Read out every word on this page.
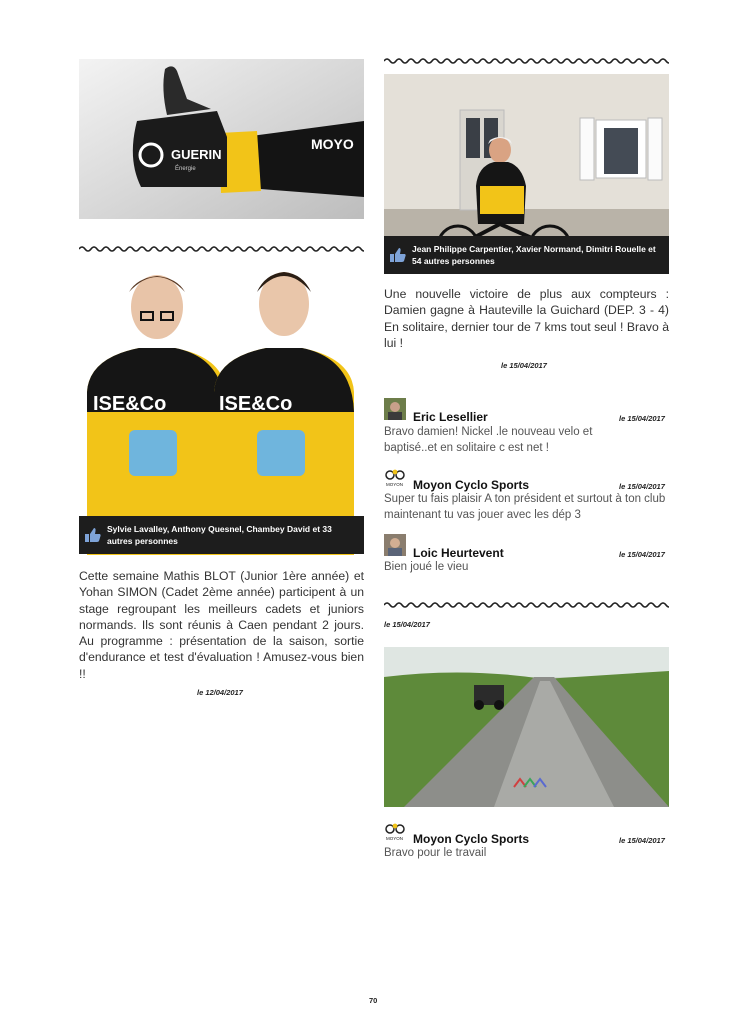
GUERIN
Énergie
MOYO
ISE&Co	ISE&Co
Sylvie Lavalley, Anthony Quesnel, Chambey David et 33 autres personnes
Cette semaine Mathis BLOT (Junior 1ère année) et Yohan SIMON (Cadet 2ème année) participent à un stage regroupant les meilleurs cadets et juniors normands. Ils sont réunis à Caen pendant 2 jours. Au programme : présentation de la saison, sortie d'endurance et test d'évaluation ! Amusez-vous bien !!
le 12/04/2017
Jean Philippe Carpentier, Xavier Normand, Dimitri Rouelle et 54 autres personnes
Une nouvelle victoire de plus aux compteurs : Damien gagne à Hauteville la Guichard (DEP. 3 - 4) En solitaire, dernier tour de 7 kms tout seul ! Bravo à lui !
le 15/04/2017
Eric Lesellier	le 15/04/2017
Bravo damien! Nickel .le nouveau velo et baptisé..et en solitaire c est net !
MOYON Moyon Cyclo Sports	le 15/04/2017
Super tu fais plaisir A ton président et surtout à ton club maintenant tu vas jouer avec les dép 3
Loic Heurtevent	le 15/04/2017
Bien joué le vieu
le 15/04/2017
MOYON Moyon Cyclo Sports	le 15/04/2017
Bravo pour le travail
70
